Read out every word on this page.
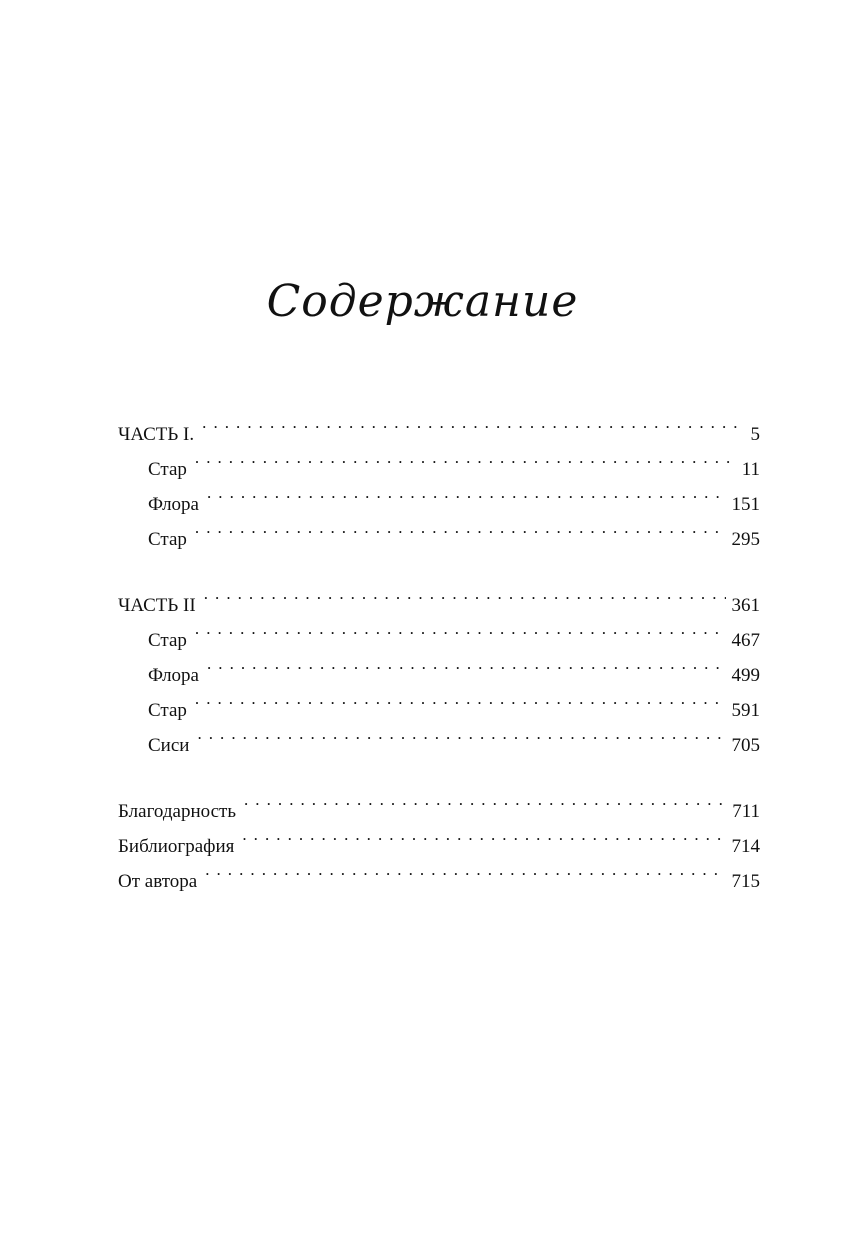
Содержание
ЧАСТЬ I. . . .	5
Стар . . .	11
Флора . . .	151
Стар . . .	295
ЧАСТЬ II . . .	361
Стар . . .	467
Флора . . .	499
Стар . . .	591
Сиси . . .	705
Благодарность . . .	711
Библиография . . .	714
От автора . . .	715
